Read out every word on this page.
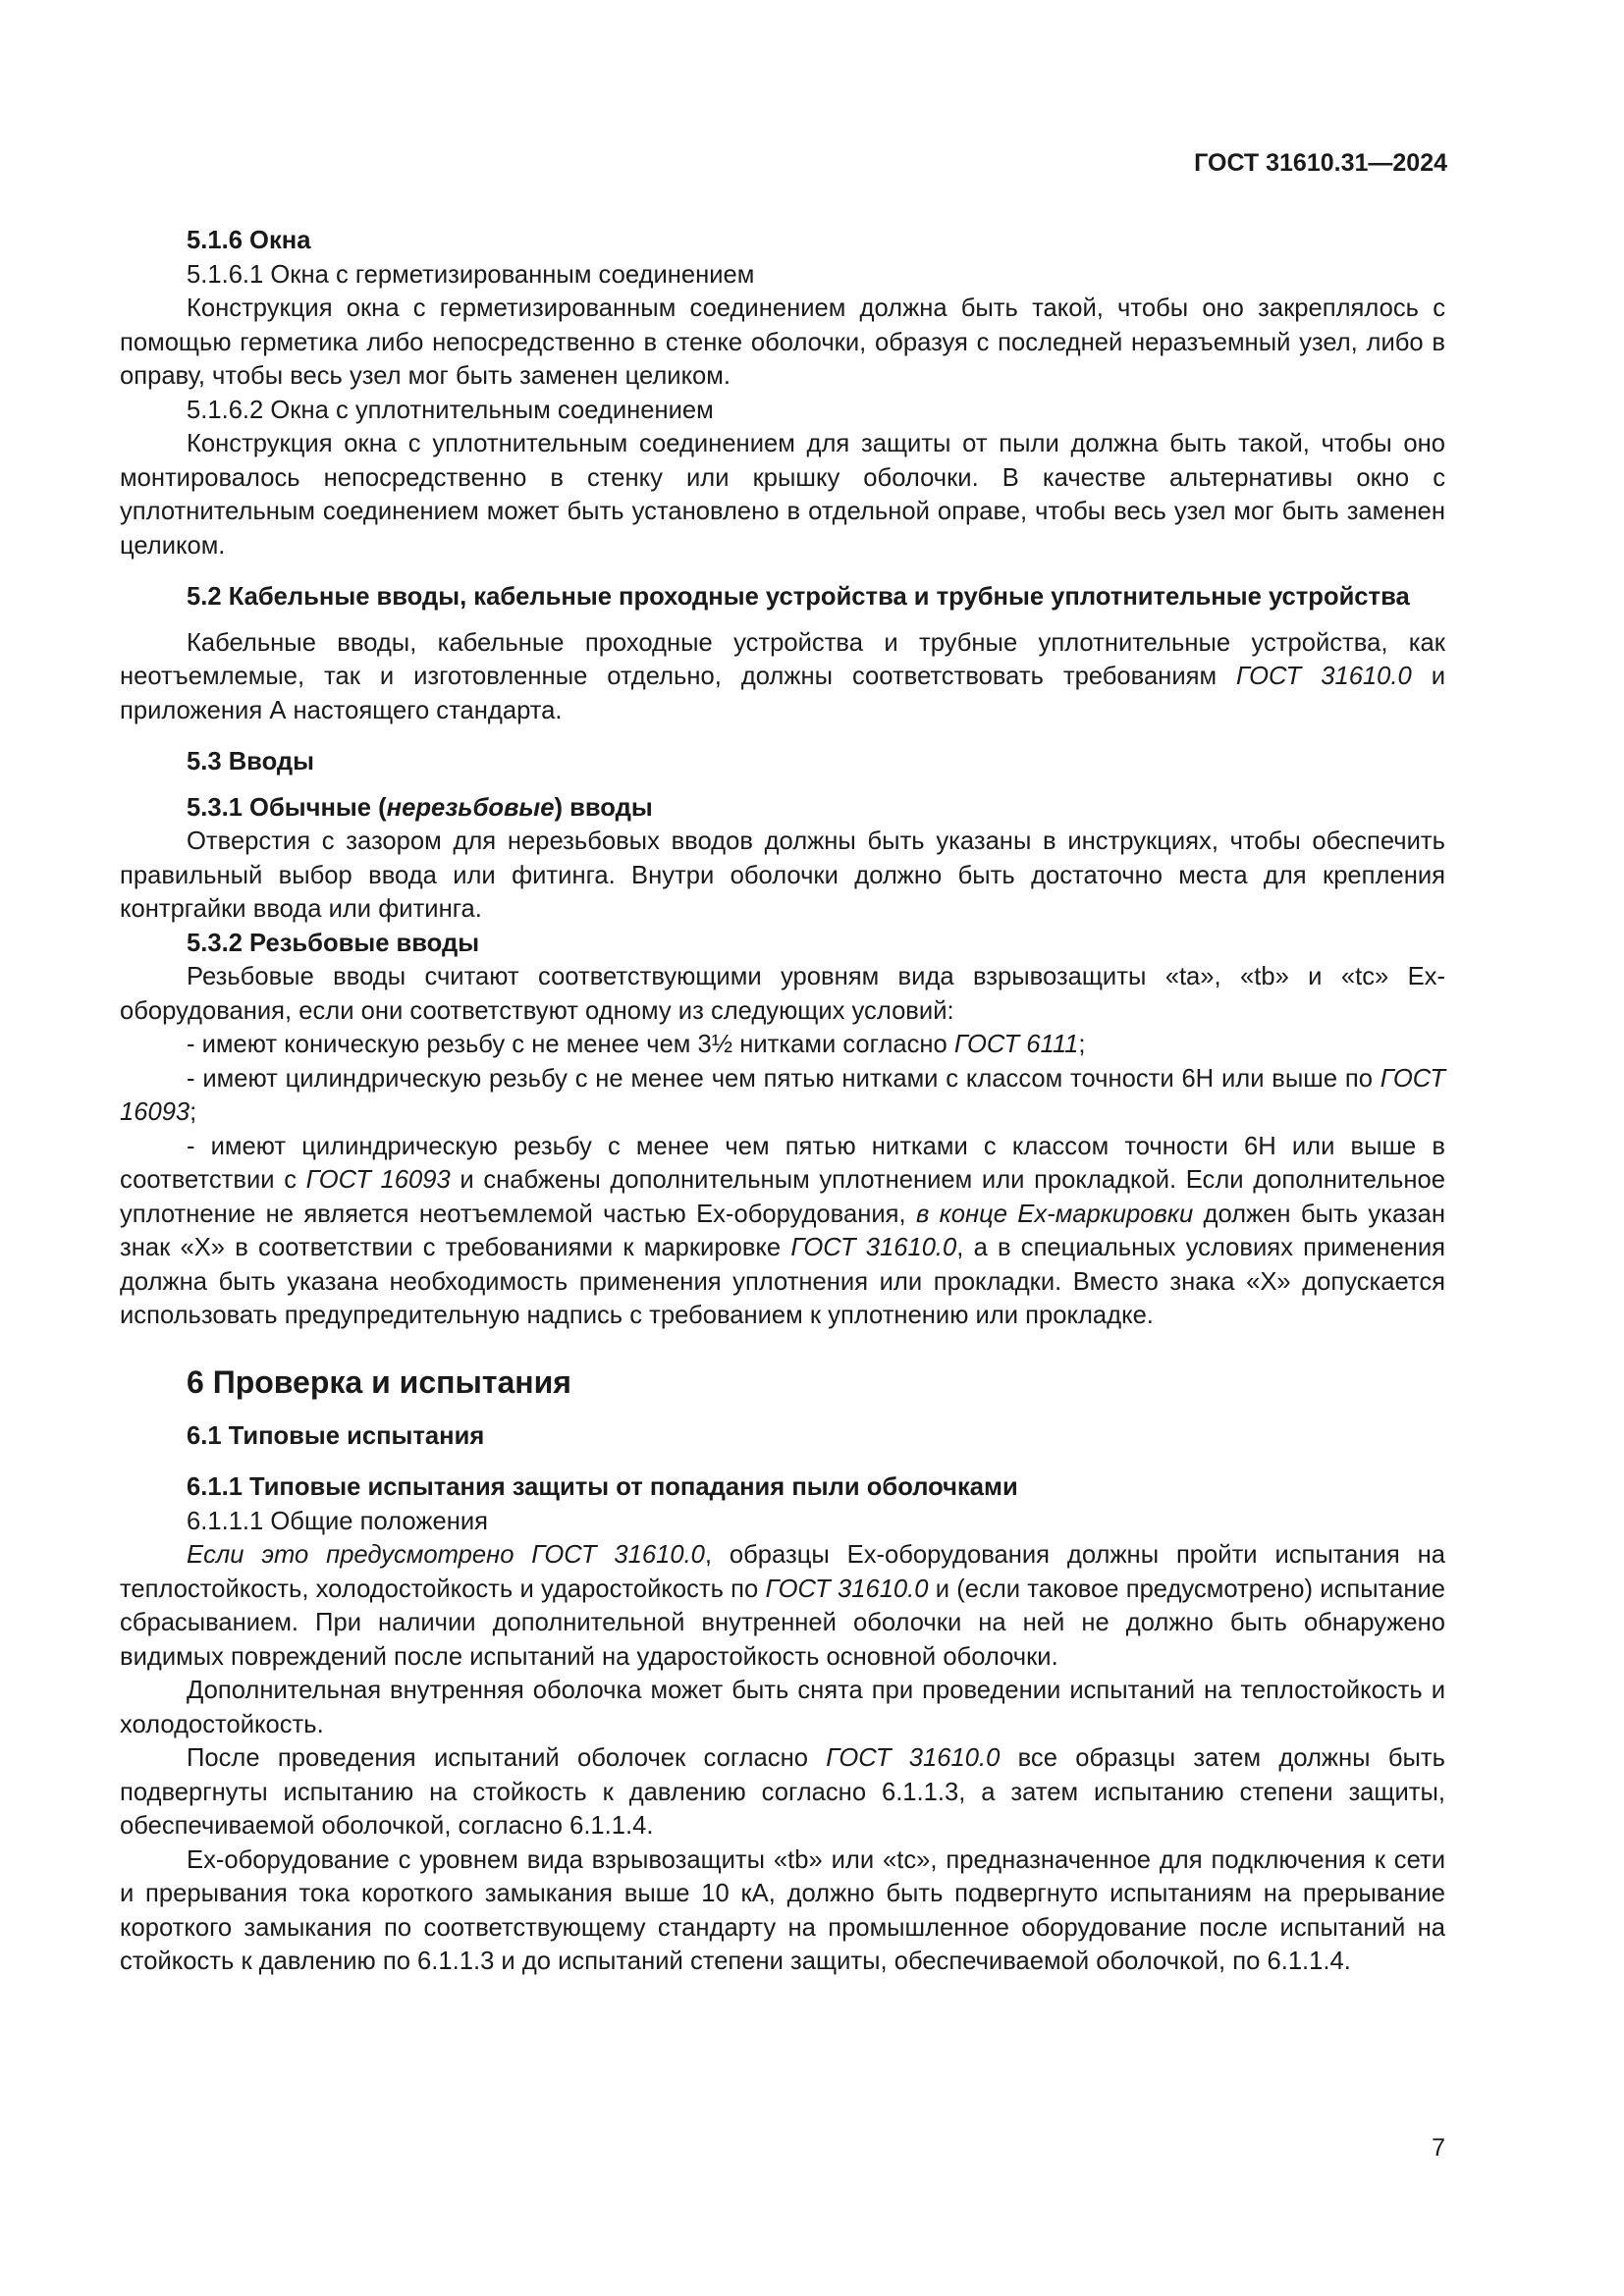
ГОСТ 31610.31—2024

5.1.6 Окна

5.1.6.1 Окна с герметизированным соединением

Конструкция окна с герметизированным соединением должна быть такой, чтобы оно закреплялось с помощью герметика либо непосредственно в стенке оболочки, образуя с последней неразъемный узел, либо в оправу, чтобы весь узел мог быть заменен целиком.

5.1.6.2 Окна с уплотнительным соединением

Конструкция окна с уплотнительным соединением для защиты от пыли должна быть такой, чтобы оно монтировалось непосредственно в стенку или крышку оболочки. В качестве альтернативы окно с уплотнительным соединением может быть установлено в отдельной оправе, чтобы весь узел мог быть заменен целиком.

5.2 Кабельные вводы, кабельные проходные устройства и трубные уплотнительные устройства

Кабельные вводы, кабельные проходные устройства и трубные уплотнительные устройства, как неотъемлемые, так и изготовленные отдельно, должны соответствовать требованиям ГОСТ 31610.0 и приложения А настоящего стандарта.

5.3 Вводы

5.3.1 Обычные (нерезьбовые) вводы

Отверстия с зазором для нерезьбовых вводов должны быть указаны в инструкциях, чтобы обеспечить правильный выбор ввода или фитинга. Внутри оболочки должно быть достаточно места для крепления контргайки ввода или фитинга.

5.3.2 Резьбовые вводы

Резьбовые вводы считают соответствующими уровням вида взрывозащиты «ta», «tb» и «tc» Ex-оборудования, если они соответствуют одному из следующих условий:

- имеют коническую резьбу с не менее чем 3½ нитками согласно ГОСТ 6111;

- имеют цилиндрическую резьбу с не менее чем пятью нитками с классом точности 6Н или выше по ГОСТ 16093;

- имеют цилиндрическую резьбу с менее чем пятью нитками с классом точности 6Н или выше в соответствии с ГОСТ 16093 и снабжены дополнительным уплотнением или прокладкой. Если дополнительное уплотнение не является неотъемлемой частью Ex-оборудования, в конце Ex-маркировки должен быть указан знак «X» в соответствии с требованиями к маркировке ГОСТ 31610.0, а в специальных условиях применения должна быть указана необходимость применения уплотнения или прокладки. Вместо знака «X» допускается использовать предупредительную надпись с требованием к уплотнению или прокладке.

6 Проверка и испытания

6.1 Типовые испытания

6.1.1 Типовые испытания защиты от попадания пыли оболочками

6.1.1.1 Общие положения

Если это предусмотрено ГОСТ 31610.0, образцы Ex-оборудования должны пройти испытания на теплостойкость, холодостойкость и ударостойкость по ГОСТ 31610.0 и (если таковое предусмотрено) испытание сбрасыванием. При наличии дополнительной внутренней оболочки на ней не должно быть обнаружено видимых повреждений после испытаний на ударостойкость основной оболочки.

Дополнительная внутренняя оболочка может быть снята при проведении испытаний на теплостойкость и холодостойкость.

После проведения испытаний оболочек согласно ГОСТ 31610.0 все образцы затем должны быть подвергнуты испытанию на стойкость к давлению согласно 6.1.1.3, а затем испытанию степени защиты, обеспечиваемой оболочкой, согласно 6.1.1.4.

Ex-оборудование с уровнем вида взрывозащиты «tb» или «tc», предназначенное для подключения к сети и прерывания тока короткого замыкания выше 10 кА, должно быть подвергнуто испытаниям на прерывание короткого замыкания по соответствующему стандарту на промышленное оборудование после испытаний на стойкость к давлению по 6.1.1.3 и до испытаний степени защиты, обеспечиваемой оболочкой, по 6.1.1.4.

7
